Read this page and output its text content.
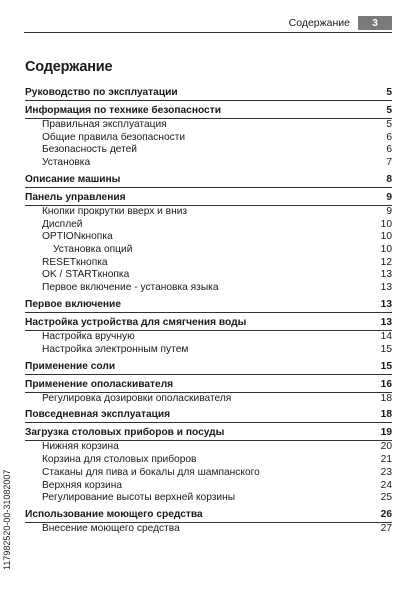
Содержание	3
Содержание
Руководство по эксплуатации	5
Информация по технике безопасности	5
Правильная эксплуатация	5
Общие правила безопасности	6
Безопасность детей	6
Установка	7
Описание машины	8
Панель управления	9
Кнопки прокрутки вверх и вниз	9
Дисплей	10
OPTIONкнопка	10
Установка опций	10
RESETкнопка	12
OK / STARTкнопка	13
Первое включение - установка языка	13
Первое включение	13
Настройка устройства для смягчения воды	13
Настройка вручную	14
Настройка электронным путем	15
Применение соли	15
Применение ополаскивателя	16
Регулировка дозировки ополаскивателя	18
Повседневная эксплуатация	18
Загрузка столовых приборов и посуды	19
Нижняя корзина	20
Корзина для столовых приборов	21
Стаканы для пива и бокалы для шампанского	23
Верхняя корзина	24
Регулирование высоты верхней корзины	25
Использование моющего средства	26
Внесение моющего средства	27
117982520-00-31082007
